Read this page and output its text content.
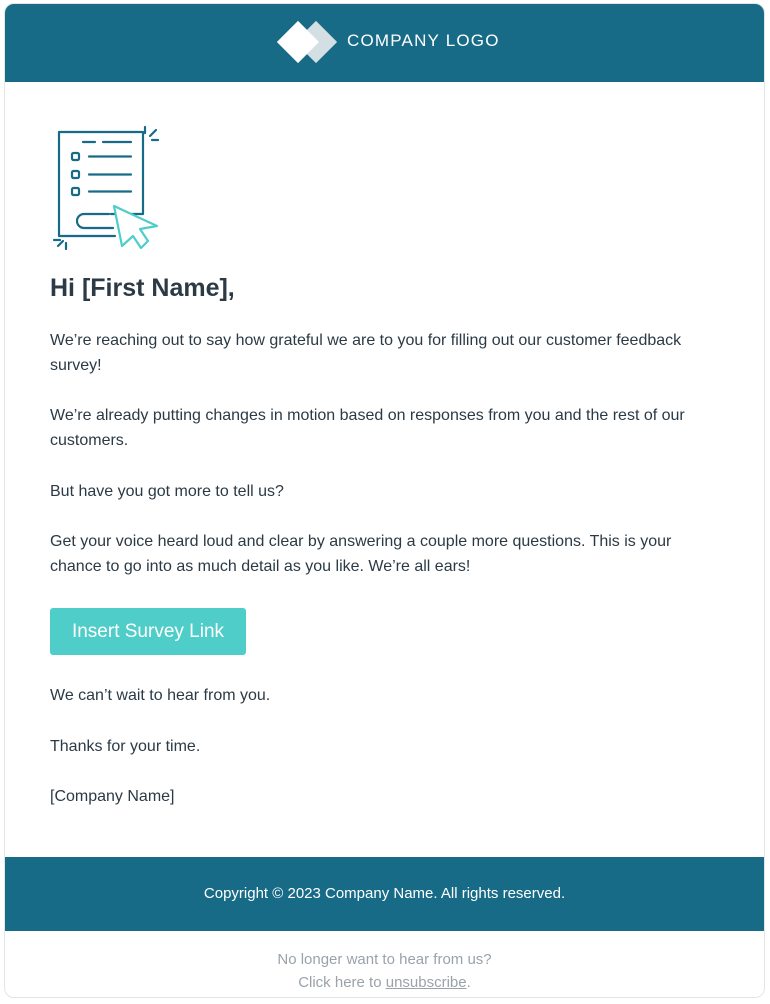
COMPANY LOGO
Hi [First Name],

We’re reaching out to say how grateful we are to you for filling out our customer feedback survey!

We’re already putting changes in motion based on responses from you and the rest of our customers.

But have you got more to tell us?

Get your voice heard loud and clear by answering a couple more questions. This is your chance to go into as much detail as you like. We’re all ears!

Insert Survey Link

We can’t wait to hear from you.

Thanks for your time.

[Company Name]

Copyright © 2023 Company Name. All rights reserved.
No longer want to hear from us?
Click here to unsubscribe.
